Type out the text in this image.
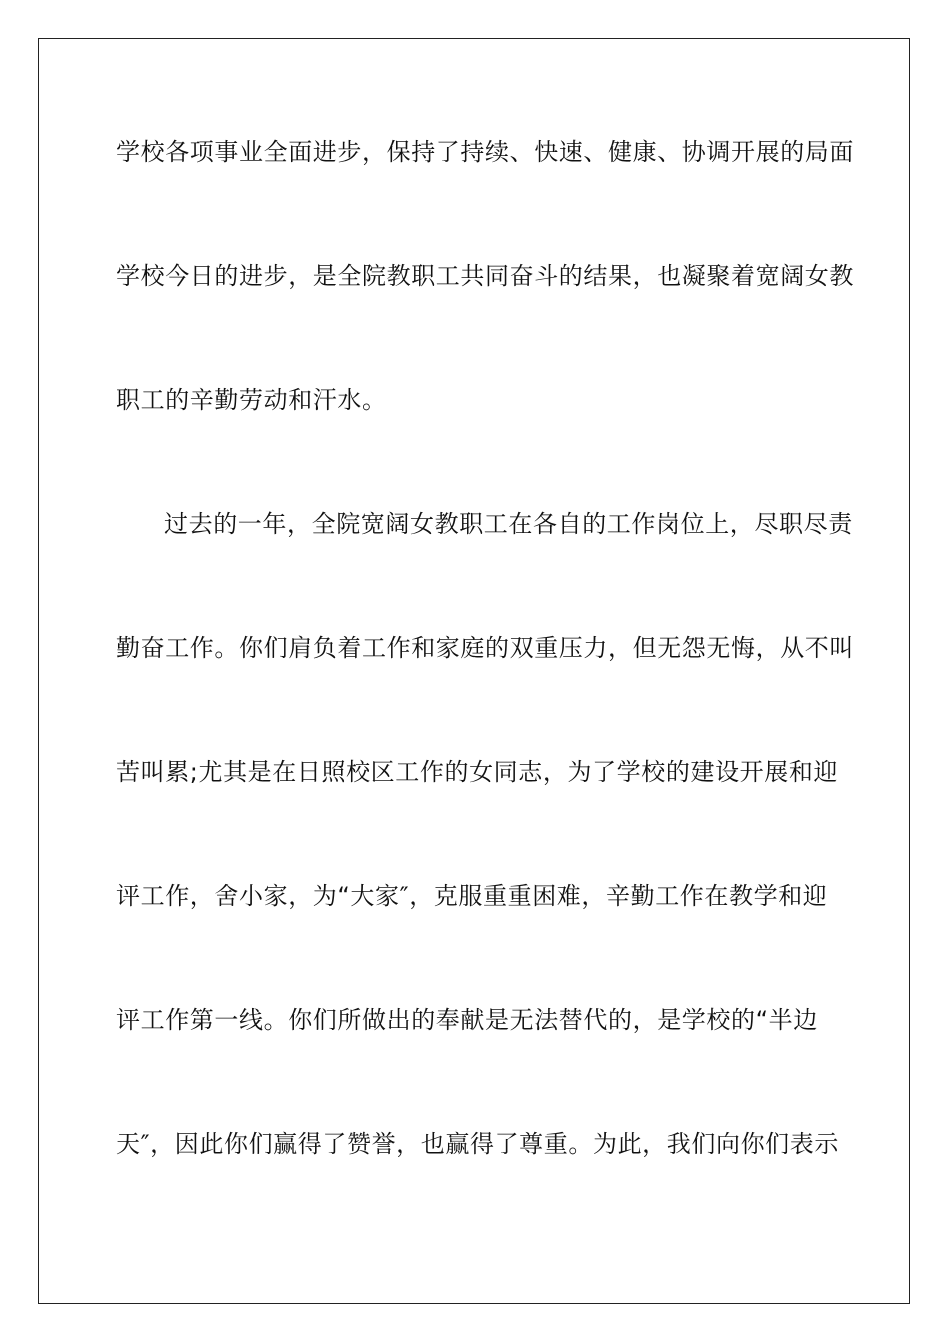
学校各项事业全面进步，保持了持续、快速、健康、协调开展的局面
学校今日的进步，是全院教职工共同奋斗的结果，也凝聚着宽阔女教
职工的辛勤劳动和汗水。
过去的一年，全院宽阔女教职工在各自的工作岗位上，尽职尽责
勤奋工作。你们肩负着工作和家庭的双重压力，但无怨无悔，从不叫
苦叫累;尤其是在日照校区工作的女同志，为了学校的建设开展和迎
评工作，舍小家，为“大家″，克服重重困难，辛勤工作在教学和迎
评工作第一线。你们所做出的奉献是无法替代的，是学校的“半边
天″，因此你们赢得了赞誉，也赢得了尊重。为此，我们向你们表示
